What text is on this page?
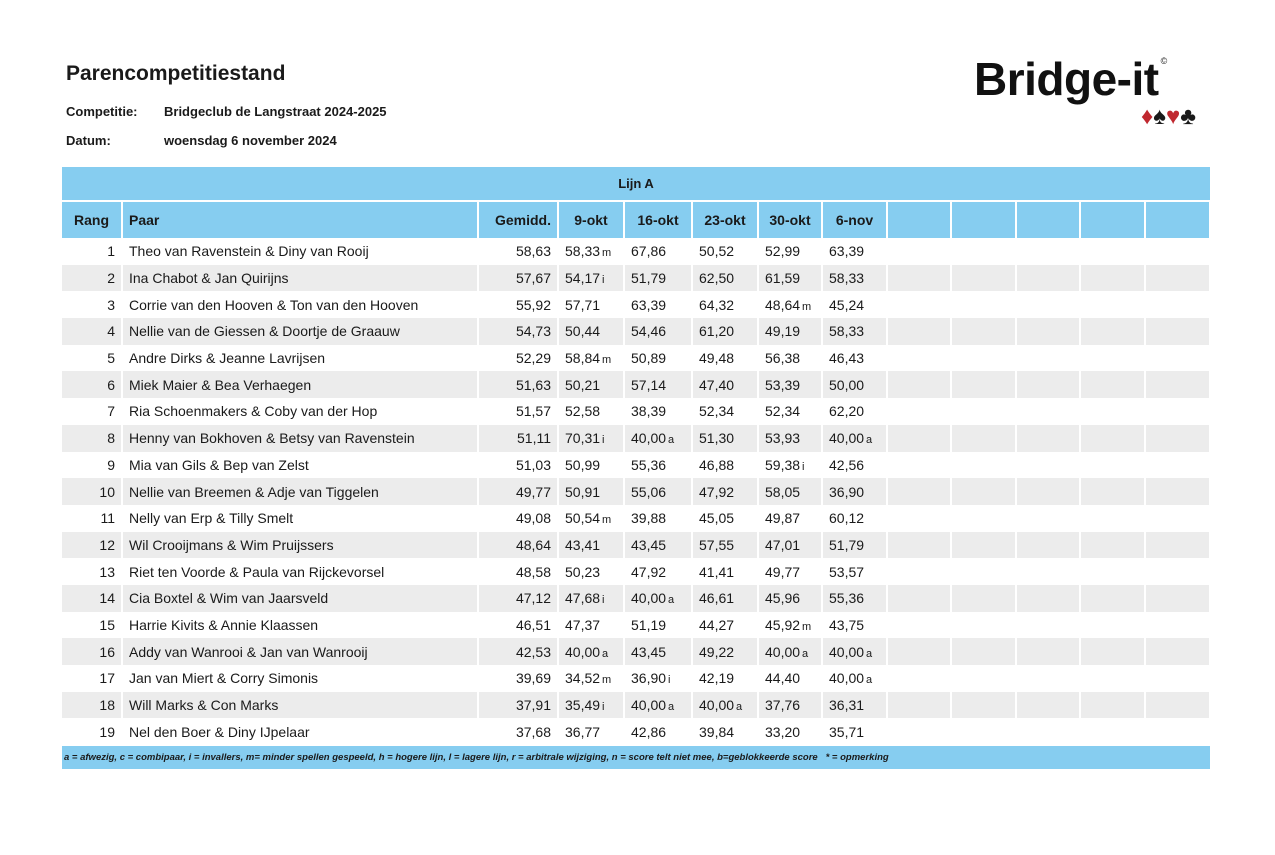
Parencompetitiestand
Competitie: Bridgeclub de Langstraat 2024-2025
Datum:	woensdag 6 november 2024
Bridge-it ©
♦♠♥♣
Lijn A
Rang	Paar	Gemidd.	9-okt	16-okt	23-okt	30-okt	6-nov					
1	Theo van Ravenstein & Diny van Rooij	58,63	58,33 m	67,86	50,52	52,99	63,39					
2	Ina Chabot & Jan Quirijns	57,67	54,17 i	51,79	62,50	61,59	58,33					
3	Corrie van den Hooven & Ton van den Hooven	55,92	57,71	63,39	64,32	48,64 m	45,24					
4	Nellie van de Giessen & Doortje de Graauw	54,73	50,44	54,46	61,20	49,19	58,33					
5	Andre Dirks & Jeanne Lavrijsen	52,29	58,84 m	50,89	49,48	56,38	46,43					
6	Miek Maier & Bea Verhaegen	51,63	50,21	57,14	47,40	53,39	50,00					
7	Ria Schoenmakers & Coby van der Hop	51,57	52,58	38,39	52,34	52,34	62,20					
8	Henny van Bokhoven & Betsy van Ravenstein	51,11	70,31 i	40,00 a	51,30	53,93	40,00 a					
9	Mia van Gils & Bep van Zelst	51,03	50,99	55,36	46,88	59,38 i	42,56					
10	Nellie van Breemen & Adje van Tiggelen	49,77	50,91	55,06	47,92	58,05	36,90					
11	Nelly van Erp & Tilly Smelt	49,08	50,54 m	39,88	45,05	49,87	60,12					
12	Wil Crooijmans & Wim Pruijssers	48,64	43,41	43,45	57,55	47,01	51,79					
13	Riet ten Voorde & Paula van Rijckevorsel	48,58	50,23	47,92	41,41	49,77	53,57					
14	Cia Boxtel & Wim van Jaarsveld	47,12	47,68 i	40,00 a	46,61	45,96	55,36					
15	Harrie Kivits & Annie Klaassen	46,51	47,37	51,19	44,27	45,92 m	43,75					
16	Addy van Wanrooi & Jan van Wanrooij	42,53	40,00 a	43,45	49,22	40,00 a	40,00 a					
17	Jan van Miert & Corry Simonis	39,69	34,52 m	36,90 i	42,19	44,40	40,00 a					
18	Will Marks & Con Marks	37,91	35,49 i	40,00 a	40,00 a	37,76	36,31					
19	Nel den Boer & Diny IJpelaar	37,68	36,77	42,86	39,84	33,20	35,71					
a = afwezig, c = combipaar, i = invallers, m= minder spellen gespeeld, h = hogere lijn, l = lagere lijn, r = arbitrale wijziging, n = score telt niet mee, b=geblokkeerde score   * = opmerking
